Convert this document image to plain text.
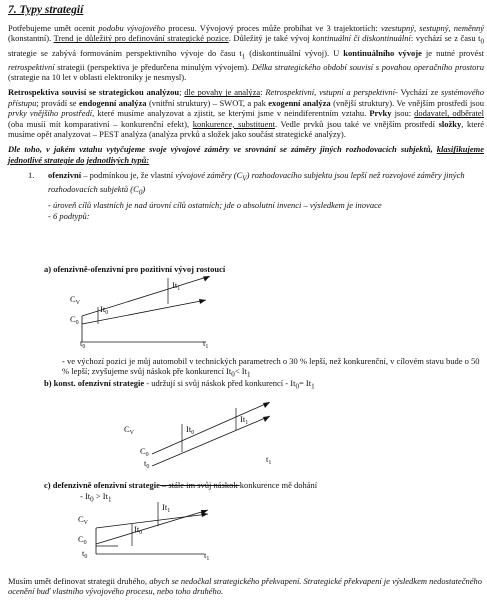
7. Typy strategií

Potřebujeme umět ocenit podobu vývojového procesu. Vývojový proces může probíhat ve 3 trajektoriích: vzestupný, sestupný, neměnný (konstantní). Trend je důležitý pro definování strategické pozice. Důležitý je také vývoj kontinuální či diskontinuální: vychází se z času $t_0$ strategie se zabývá formováním perspektivního vývoje do času $t_1$ (diskontinuální vývoj). U kontinuálního vývoje je nutné provést retrospektivní strategii (perspektiva je předurčena minulým vývojem). Délka strategického období souvisí s povahou operačního prostoru (strategie na 10 let v oblasti elektroniky je nesmysl).

Retrospektiva souvisí se strategickou analýzou; dle povahy je analýza: Retrospektivní, vstupní a perspektivní- Vychází ze systémového přístupu; provádí se endogenní analýza (vnitřní struktury) – SWOT, a pak exogenní analýza (vnější struktury). Ve vnějším prostředí jsou prvky vnějšího prostředí, které musíme analyzovat a zjistit, se kterými jsme v neindiferentním vztahu. Prvky jsou: dodavatel, odběratel (oba musíí mít komparativní – konkurenční efekt), konkurence, substituent. Vedle prvků jsou také ve vnějším prostředí složky, které musíme opět analyzovat – PEST analýza (analýza prvků a složek jako součást strategické analýzy).

Dle toho, v jakém vztahu vytyčujeme svoje vývojové záměry ve srovnání se záměry jiných rozhodovacích subjektů, klasifikujeme jednotlivé strategie do jednotlivých typů:

1. ofenzivní – podmínkou je, že vlastní vývojové záměry $(C_V)$ rozhodovacího subjektu jsou lepší než rozvojové záměry jiných rozhodovacích subjektů $(C_0)$
- úroveň cílů vlastních je nad úrovní cílů ostatních; jde o absolutní invenci – výsledkem je inovace
- 6 podtypů:
a) ofenzivně-ofenzivní pro pozitivní vývoj rostoucí
$C_V$
$C_0$
$It_0$
$It_1$
$t_0$	$t_1$
- ve výchozí pozici je můj automobil v technických parametrech o 30 % lepší, než konkurenční, v cílovém stavu bude o 50 % lepší; zvyšujeme svůj náskok pře konkurencí $It_0< It_1$
b) konst. ofenzivní strategie - udržují si svůj náskok před konkurencí - $It_0= It_1$
$C_V$
$C_0$
$It_0$
$It_1$
$t_0$
$t_1$
c) defenzivně ofenzivní strategie – stále im svůj náskok konkurence mě dohání
- $It_0 > It_1$
$C_V$
$C_0$
$It_0$
$It_1$
$t_0$	$t_1$

Musím umět definovat strategii druhého, abych se nedočkal strategického překvapení. Strategické překvapení je výsledkem nedostatečného ocenění buď vlastního vývojového procesu, nebo toho druhého.
